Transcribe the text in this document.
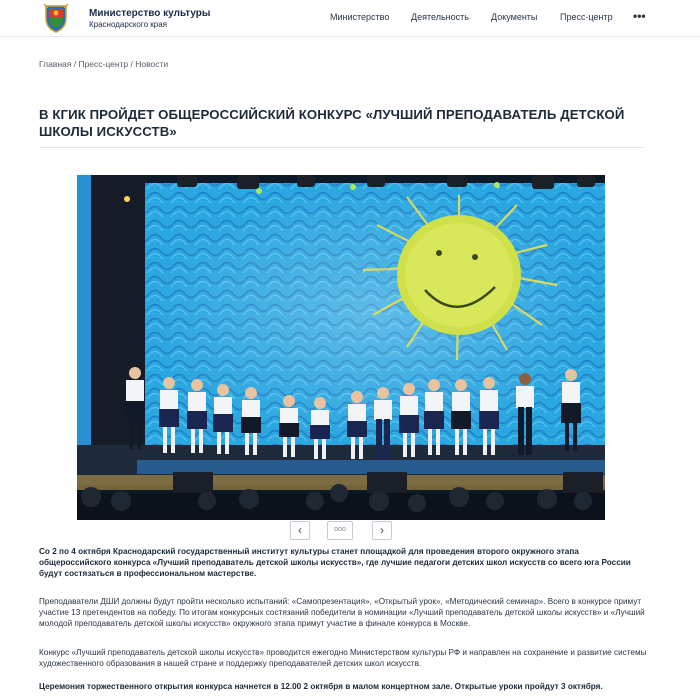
Министерство культуры
Краснодарского края
Министерство Деятельность Документы	Пресс-центр •••
Главная / Пресс-центр / Новости
В КГИК ПРОЙДЕТ ОБЩЕРОССИЙСКИЙ КОНКУРС «ЛУЧШИЙ ПРЕПОДАВАТЕЛЬ ДЕТСКОЙ ШКОЛЫ ИСКУССТВ»
‹	ooo	›

Со 2 по 4 октября Краснодарский государственный институт культуры станет площадкой для проведения второго окружного этапа общероссийского конкурса «Лучший преподаватель детской школы искусств», где лучшие педагоги детских школ искусств со всего юга России будут состязаться в профессиональном мастерстве.

Преподаватели ДШИ должны будут пройти несколько испытаний: «Самопрезентация», «Открытый урок», «Методический семинар». Всего в конкурсе примут участие 13 претендентов на победу. По итогам конкурсных состязаний победители в номинации «Лучший преподаватель детской школы искусств» и «Лучший молодой преподаватель детской школы искусств» окружного этапа примут участие в финале конкурса в Москве.

Конкурс «Лучший преподаватель детской школы искусств» проводится ежегодно Министерством культуры РФ и направлен на сохранение и развитие системы художественного образования в нашей стране и поддержку преподавателей детских школ искусств.

Церемония торжественного открытия конкурса начнется в 12.00 2 октября в малом концертном зале. Открытые уроки пройдут 3 октября.
